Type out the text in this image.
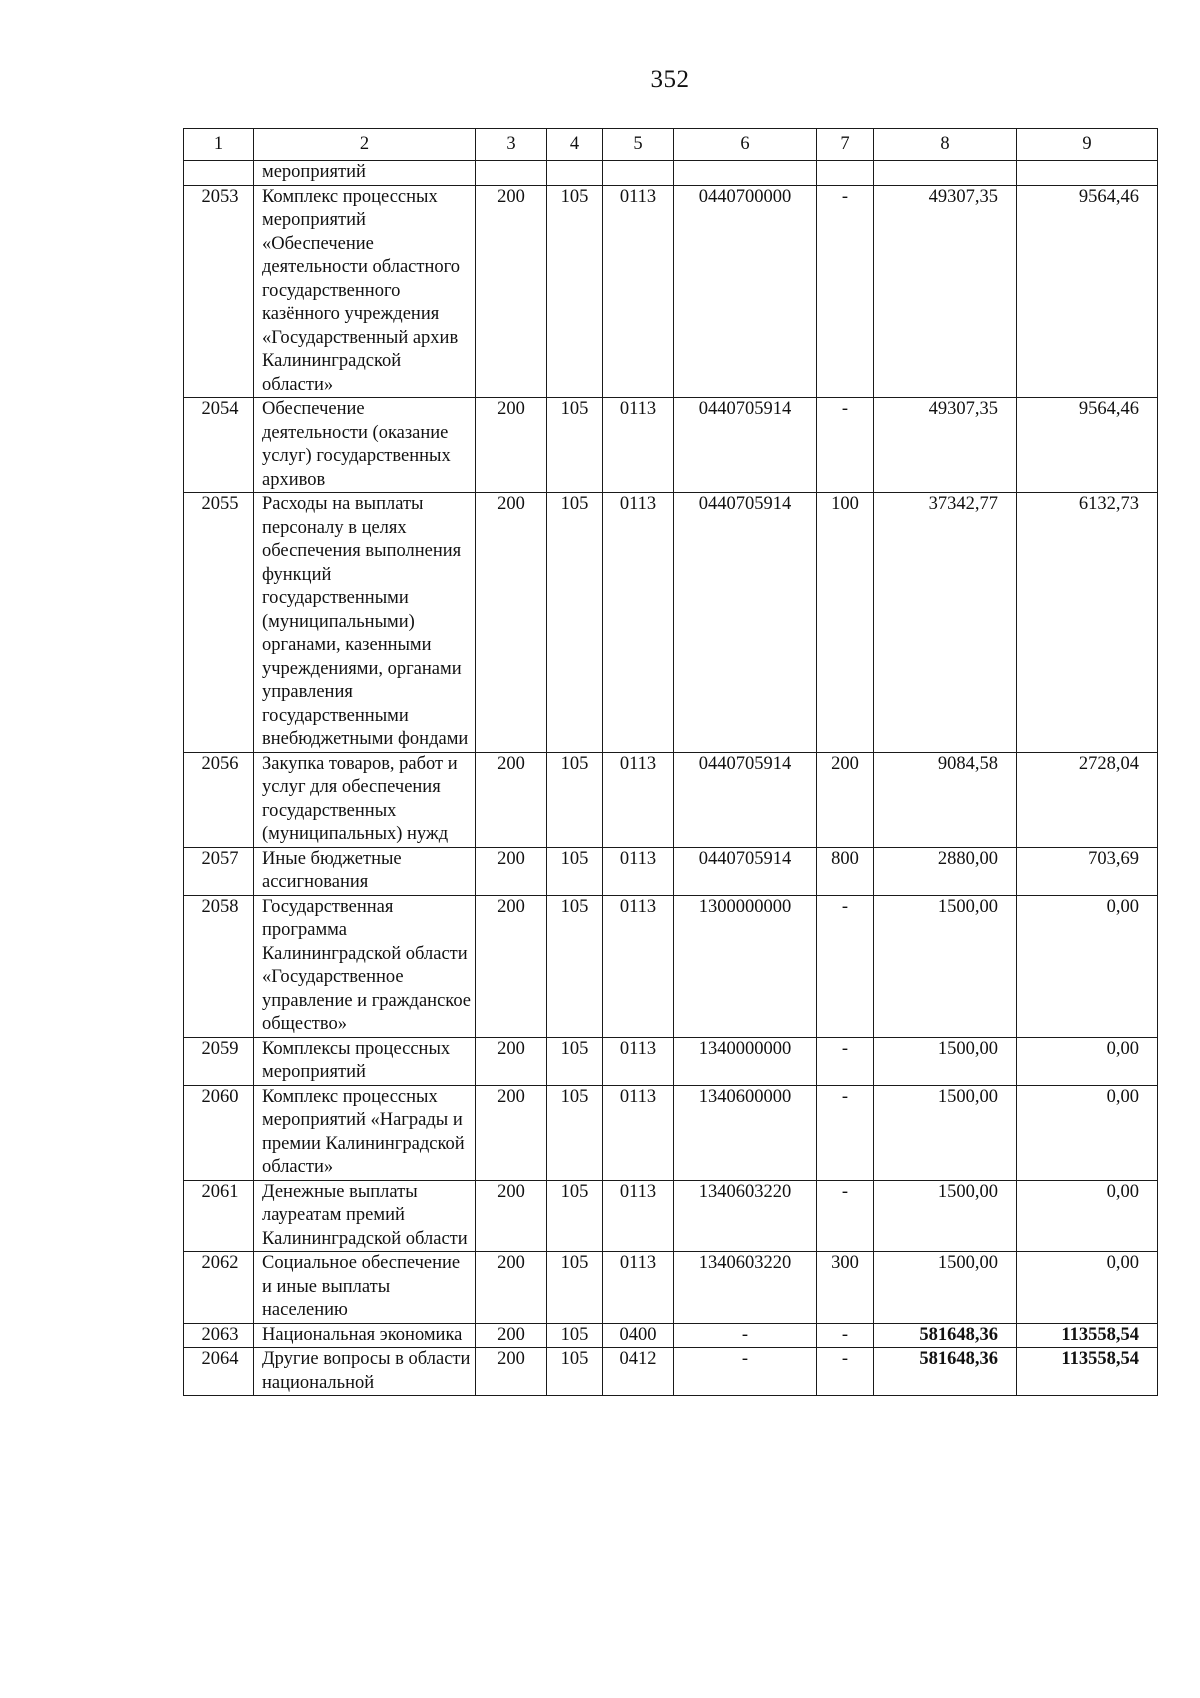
352
1	2	3	4	5	6	7	8	9
	мероприятий							
2053	Комплекс процессных мероприятий «Обеспечение деятельности областного государственного казённого учреждения «Государственный архив Калининградской области»	200	105	0113	0440700000	-	49307,35	9564,46
2054	Обеспечение деятельности (оказание услуг) государственных архивов	200	105	0113	0440705914	-	49307,35	9564,46
2055	Расходы на выплаты персоналу в целях обеспечения выполнения функций государственными (муниципальными) органами, казенными учреждениями, органами управления государственными внебюджетными фондами	200	105	0113	0440705914	100	37342,77	6132,73
2056	Закупка товаров, работ и услуг для обеспечения государственных (муниципальных) нужд	200	105	0113	0440705914	200	9084,58	2728,04
2057	Иные бюджетные ассигнования	200	105	0113	0440705914	800	2880,00	703,69
2058	Государственная программа Калининградской области «Государственное управление и гражданское общество»	200	105	0113	1300000000	-	1500,00	0,00
2059	Комплексы процессных мероприятий	200	105	0113	1340000000	-	1500,00	0,00
2060	Комплекс процессных мероприятий «Награды и премии Калининградской области»	200	105	0113	1340600000	-	1500,00	0,00
2061	Денежные выплаты лауреатам премий Калининградской области	200	105	0113	1340603220	-	1500,00	0,00
2062	Социальное обеспечение и иные выплаты населению	200	105	0113	1340603220	300	1500,00	0,00
2063	Национальная экономика	200	105	0400	-	-	581648,36	113558,54
2064	Другие вопросы в области национальной	200	105	0412	-	-	581648,36	113558,54
